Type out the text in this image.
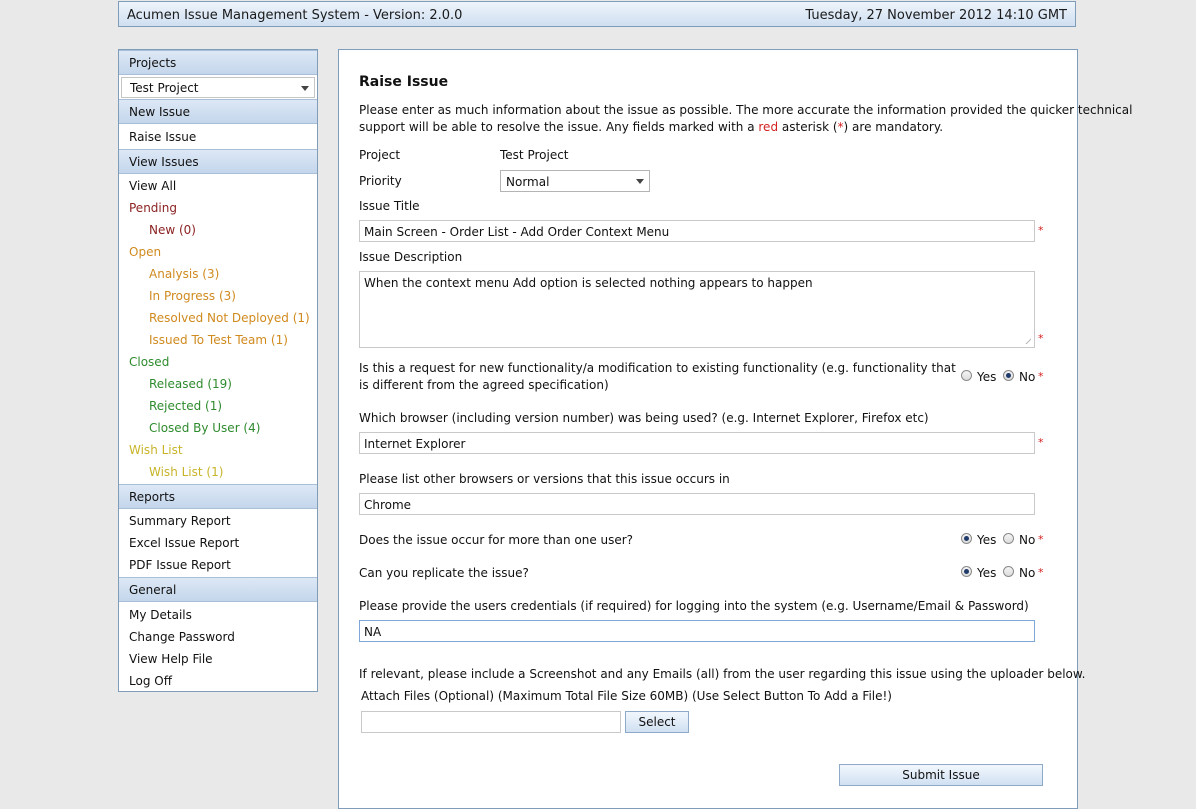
Acumen Issue Management System - Version: 2.0.0	Tuesday, 27 November 2012 14:10 GMT
Projects
Test Project
New Issue
Raise Issue
View Issues
View All
Pending
New (0)
Open
Analysis (3)
In Progress (3)
Resolved Not Deployed (1)
Issued To Test Team (1)
Closed
Released (19)
Rejected (1)
Closed By User (4)
Wish List
Wish List (1)
Reports
Summary Report
Excel Issue Report
PDF Issue Report
General
My Details
Change Password
View Help File
Log Off
Raise Issue
Please enter as much information about the issue as possible. The more accurate the information provided the quicker technical
support will be able to resolve the issue. Any fields marked with a red asterisk (*) are mandatory.
Project	Test Project
Priority	Normal
Issue Title
Main Screen - Order List - Add Order Context Menu	*
Issue Description
When the context menu Add option is selected nothing appears to happen
*
Is this a request for new functionality/a modification to existing functionality (e.g. functionality that
is different from the agreed specification)
Yes No *
Which browser (including version number) was being used? (e.g. Internet Explorer, Firefox etc)
Internet Explorer	*
Please list other browsers or versions that this issue occurs in
Chrome
Does the issue occur for more than one user?	Yes No *
Can you replicate the issue?	Yes No *
Please provide the users credentials (if required) for logging into the system (e.g. Username/Email & Password)
NA
If relevant, please include a Screenshot and any Emails (all) from the user regarding this issue using the uploader below.
Attach Files (Optional) (Maximum Total File Size 60MB) (Use Select Button To Add a File!)
Select
Submit Issue
